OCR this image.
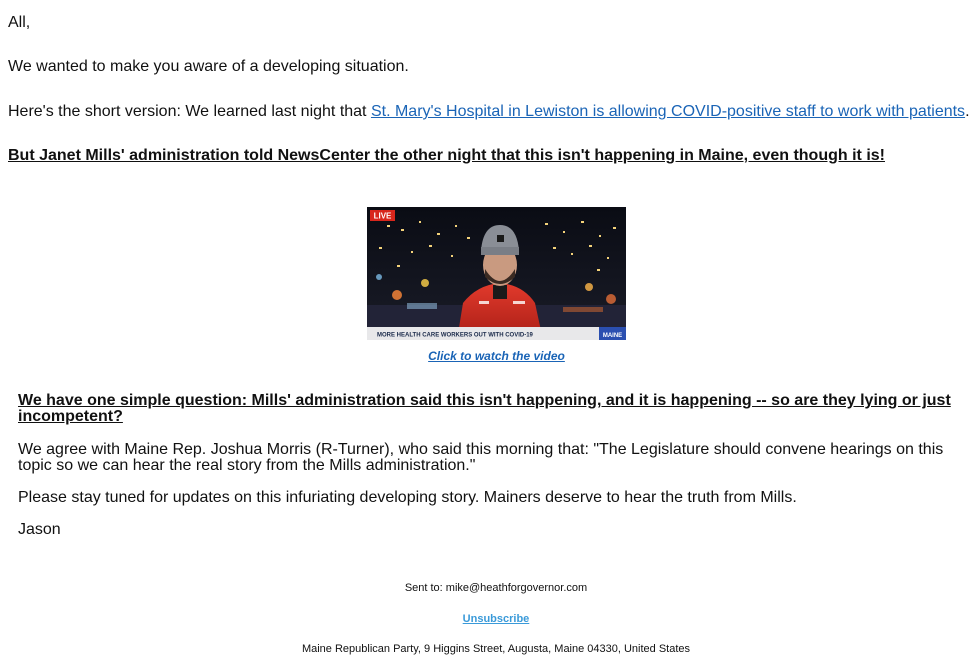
All,

We wanted to make you aware of a developing situation.

Here's the short version: We learned last night that St. Mary's Hospital in Lewiston is allowing COVID-positive staff to work with patients.

But Janet Mills' administration told NewsCenter the other night that this isn't happening in Maine, even though it is!

LIVE
MORE HEALTH CARE WORKERS OUT WITH COVID-19	MAINE
Click to watch the video

We have one simple question: Mills' administration said this isn't happening, and it is happening -- so are they lying or just incompetent?

We agree with Maine Rep. Joshua Morris (R-Turner), who said this morning that: "The Legislature should convene hearings on this topic so we can hear the real story from the Mills administration."

Please stay tuned for updates on this infuriating developing story. Mainers deserve to hear the truth from Mills.

Jason

Sent to: mike@heathforgovernor.com
Unsubscribe
Maine Republican Party, 9 Higgins Street, Augusta, Maine 04330, United States
